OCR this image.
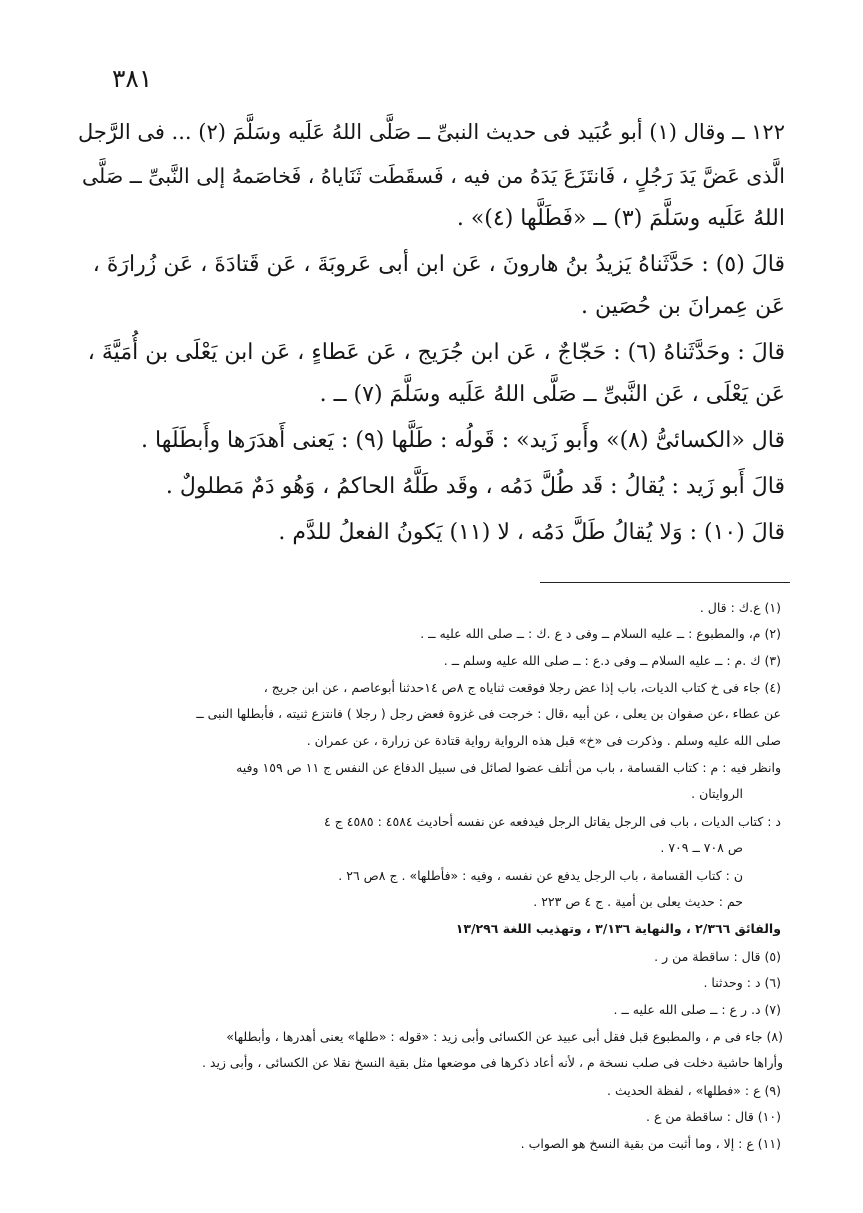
٣٨١
١٢٢ ــ وقال (١) أبو عُبَيد فى حديث النبىِّ ــ صَلَّى اللهُ عَلَيه وسَلَّمَ (٢) ... فى الرَّجل
الَّذى عَضَّ يَدَ رَجُلٍ ، فَانتَزَعَ يَدَهُ من فيه ، فَسقَطَت ثَنَاياهُ ، فَخاصَمهُ إلى النَّبىِّ ــ صَلَّى
اللهُ عَلَيه وسَلَّمَ (٣) ــ «فَطَلَّها (٤)» .
قالَ (٥) : حَدَّثَناهُ يَزيدُ بنُ هارونَ ، عَن ابن أبى عَروبَةَ ، عَن قَتادَةَ ، عَن زُرارَةَ ،
عَن عِمرانَ بن حُصَين .
قالَ : وحَدَّثَناهُ (٦) : حَجّاجٌ ، عَن ابن جُرَيج ، عَن عَطاءٍ ، عَن ابن يَعْلَى بن أُمَيَّةَ ،
عَن يَعْلَى ، عَن النَّبىِّ ــ صَلَّى اللهُ عَلَيه وسَلَّمَ (٧) ــ .
قال «الكسائىُّ (٨)» وأَبو زَيد» : قَولُه : طَلَّها (٩) : يَعنى أَهدَرَها وأَبطَلَها .
قالَ أَبو زَيد : يُقالُ : قَد طُلَّ دَمُه ، وقَد طَلَّهُ الحاكمُ ، وَهُو دَمٌ مَطلولٌ .
قالَ (١٠) : وَلا يُقالُ طَلَّ دَمُه ، لا (١١) يَكونُ الفعلُ للدَّم .
(١) ع.ك : قال .
(٢) م، والمطبوع : ــ عليه السلام ــ وفى د ع .ك : ــ صلى الله عليه ــ .
(٣) ك .م : ــ عليه السلام ــ وفى د.ع : ــ صلى الله عليه وسلم ــ .
(٤) جاء فى خ كتاب الديات، باب إذا عض رجلا فوقعت ثناياه ج ٨ص ١٤حدثنا أبوعاصم ، عن ابن جريج ،
عن عطاء ،عن صفوان بن يعلى ، عن أبيه ،قال : خرجت فى غزوة فعض رجل ( رجلا ) فانتزع ثنيته ، فأبطلها النبى ــ
صلى الله عليه وسلم . وذكرت فى «خ» قبل هذه الرواية رواية قتادة عن زرارة ، عن عمران .
وانظر فيه : م : كتاب القسامة ، باب من أتلف عضوا لصائل فى سبيل الدفاع عن النفس ج ١١ ص ١٥٩ وفيه
الروايتان .
د : كتاب الديات ، باب فى الرجل يقاتل الرجل فيدفعه عن نفسه أحاديث ٤٥٨٤ : ٤٥٨٥ ج ٤
ص ٧٠٨ ــ ٧٠٩ .
ن : كتاب القسامة ، باب الرجل يدفع عن نفسه ، وفيه : «فأطلها» . ج ٨ص ٢٦ .
حم : حديث يعلى بن أمية . ج ٤ ص ٢٢٣ .
والفائق ٢/٣٦٦ ، والنهاية ٣/١٣٦ ، وتهذيب اللغة ١٣/٢٩٦
(٥) قال : ساقطة من ر .
(٦) د : وحدثنا .
(٧) د. ر ع : ــ صلى الله عليه ــ .
(٨) جاء فى م ، والمطبوع قبل فقل أبى عبيد عن الكسائى وأبى زيد : «قوله : «طلها» يعنى أهدرها ، وأبطلها»
وأراها حاشية دخلت فى صلب نسخة م ، لأنه أعاد ذكرها فى موضعها مثل بقية النسخ نقلا عن الكسائى ، وأبى زيد .
(٩) ع : «فطلها» ، لفظة الحديث .
(١٠) قال : ساقطة من ع .
(١١) ع : إلا ، وما أثبت من بقية النسخ هو الصواب .
